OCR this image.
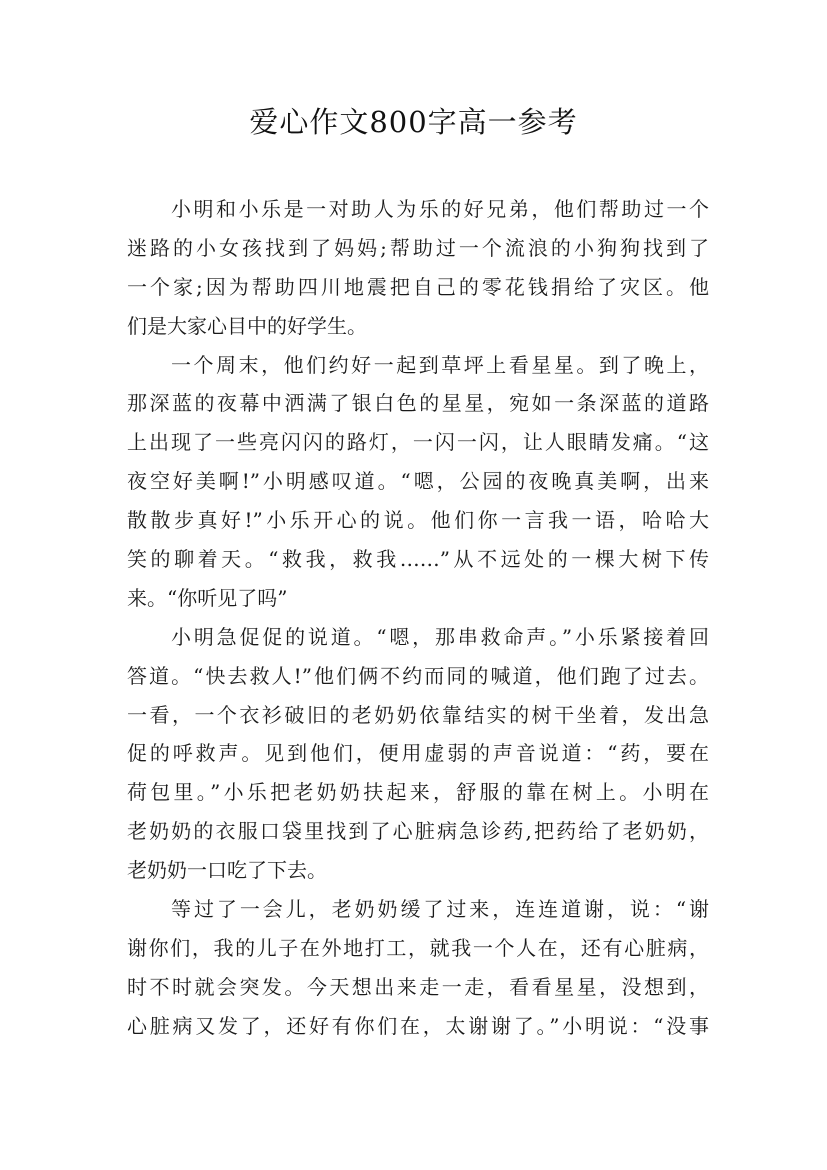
爱心作文800字高一参考
小明和小乐是一对助人为乐的好兄弟，他们帮助过一个
迷路的小女孩找到了妈妈;帮助过一个流浪的小狗狗找到了
一个家;因为帮助四川地震把自己的零花钱捐给了灾区。他
们是大家心目中的好学生。
一个周末，他们约好一起到草坪上看星星。到了晚上，
那深蓝的夜幕中洒满了银白色的星星，宛如一条深蓝的道路
上出现了一些亮闪闪的路灯，一闪一闪，让人眼睛发痛。“这
夜空好美啊!”小明感叹道。“嗯，公园的夜晚真美啊，出来
散散步真好!”小乐开心的说。他们你一言我一语，哈哈大
笑的聊着天。“救我，救我……”从不远处的一棵大树下传
来。“你听见了吗”
小明急促促的说道。“嗯，那串救命声。”小乐紧接着回
答道。“快去救人!”他们俩不约而同的喊道，他们跑了过去。
一看，一个衣衫破旧的老奶奶依靠结实的树干坐着，发出急
促的呼救声。见到他们，便用虚弱的声音说道：“药，要在
荷包里。”小乐把老奶奶扶起来，舒服的靠在树上。小明在
老奶奶的衣服口袋里找到了心脏病急诊药,把药给了老奶奶，
老奶奶一口吃了下去。
等过了一会儿，老奶奶缓了过来，连连道谢，说：“谢
谢你们，我的儿子在外地打工，就我一个人在，还有心脏病，
时不时就会突发。今天想出来走一走，看看星星，没想到，
心脏病又发了，还好有你们在，太谢谢了。”小明说：“没事
